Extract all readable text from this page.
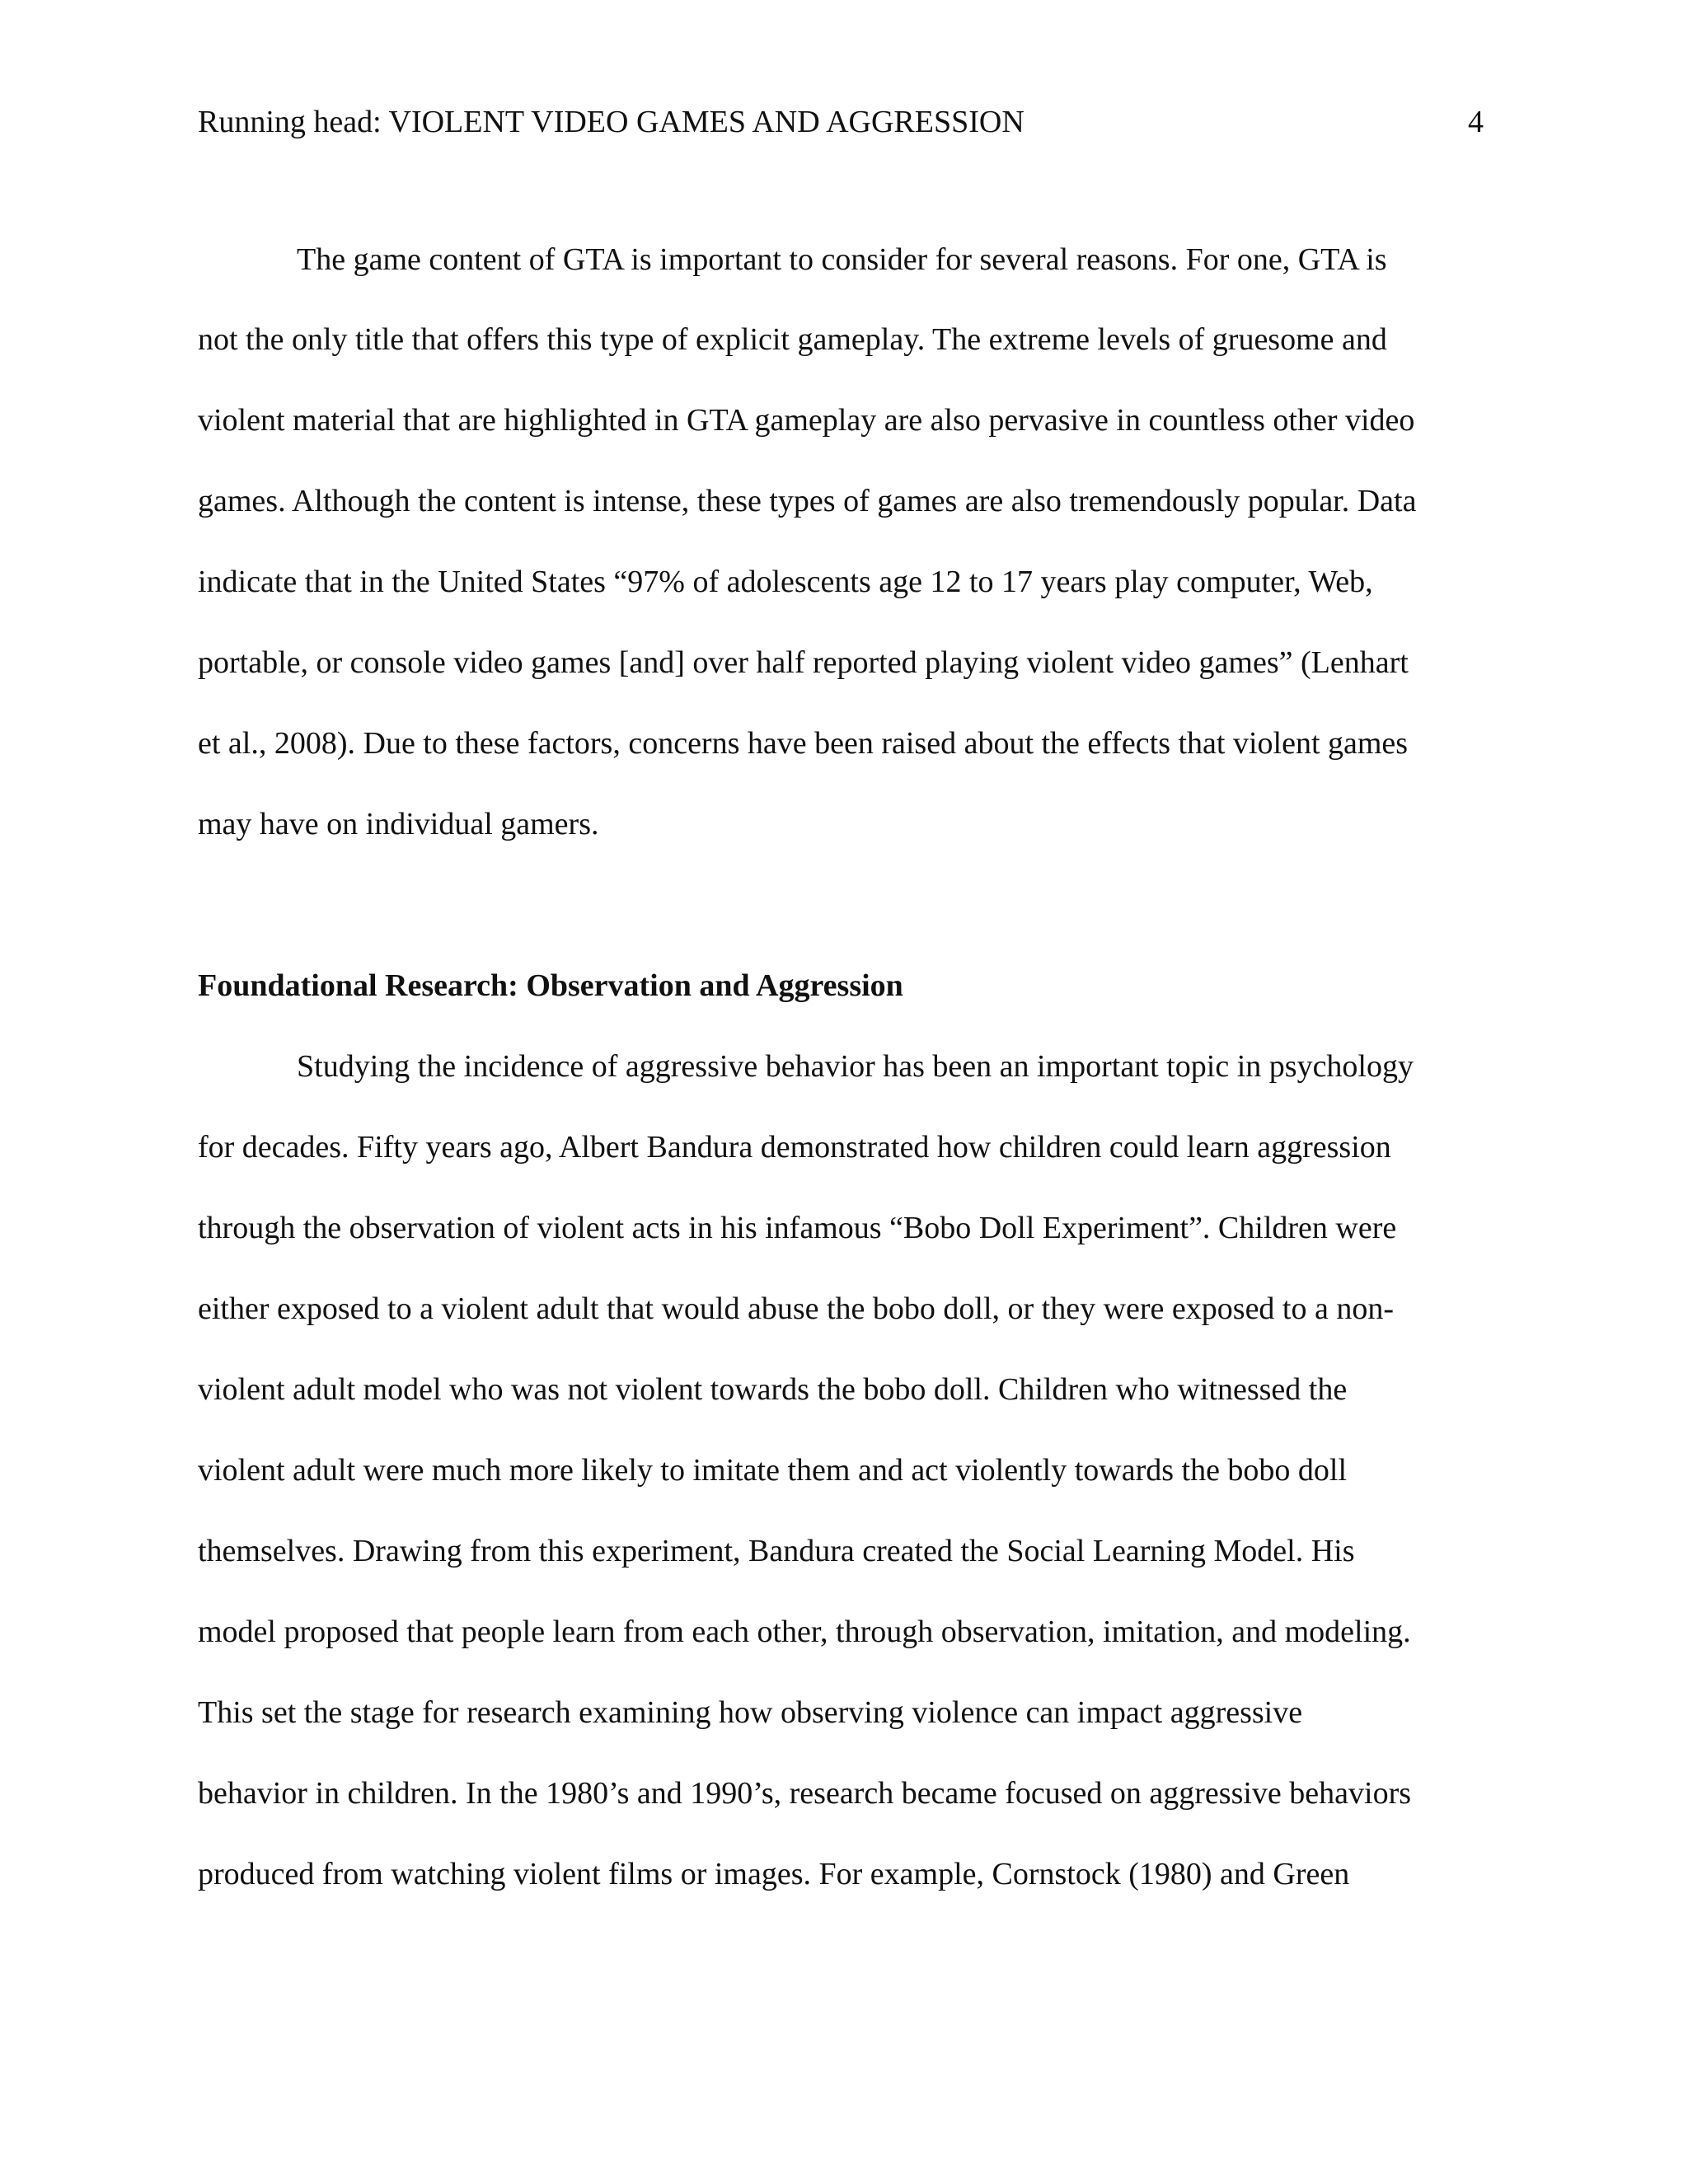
Running head: VIOLENT VIDEO GAMES AND AGGRESSION	4
The game content of GTA is important to consider for several reasons. For one, GTA is
not the only title that offers this type of explicit gameplay. The extreme levels of gruesome and
violent material that are highlighted in GTA gameplay are also pervasive in countless other video
games. Although the content is intense, these types of games are also tremendously popular. Data
indicate that in the United States “97% of adolescents age 12 to 17 years play computer, Web,
portable, or console video games [and] over half reported playing violent video games” (Lenhart
et al., 2008). Due to these factors, concerns have been raised about the effects that violent games
may have on individual gamers.
Foundational Research: Observation and Aggression
Studying the incidence of aggressive behavior has been an important topic in psychology
for decades. Fifty years ago, Albert Bandura demonstrated how children could learn aggression
through the observation of violent acts in his infamous “Bobo Doll Experiment”. Children were
either exposed to a violent adult that would abuse the bobo doll, or they were exposed to a non-
violent adult model who was not violent towards the bobo doll. Children who witnessed the
violent adult were much more likely to imitate them and act violently towards the bobo doll
themselves. Drawing from this experiment, Bandura created the Social Learning Model. His
model proposed that people learn from each other, through observation, imitation, and modeling.
This set the stage for research examining how observing violence can impact aggressive
behavior in children. In the 1980’s and 1990’s, research became focused on aggressive behaviors
produced from watching violent films or images. For example, Cornstock (1980) and Green
